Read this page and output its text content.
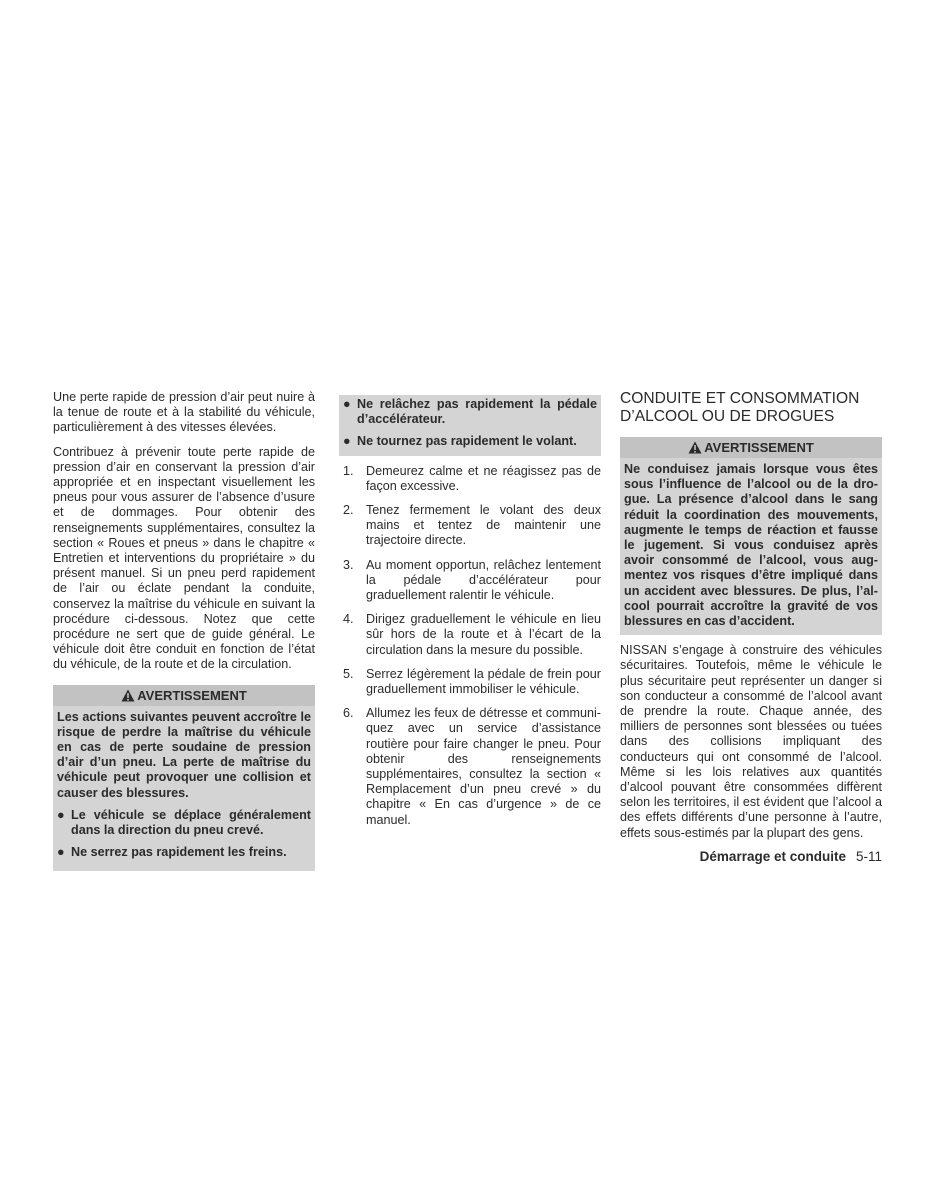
Une perte rapide de pression d’air peut nuire à la tenue de route et à la stabilité du véhicule, particulièrement à des vitesses élevées.

Contribuez à prévenir toute perte rapide de pression d’air en conservant la pression d’air appropriée et en inspectant visuellement les pneus pour vous assurer de l’absence d’usure et de dommages. Pour obtenir des renseignements supplémentaires, consultez la section « Roues et pneus » dans le chapitre « Entretien et interventions du propriétaire » du présent manuel. Si un pneu perd rapidement de l’air ou éclate pendant la conduite, conservez la maîtrise du véhicule en suivant la procédure ci-dessous. Notez que cette procédure ne sert que de guide général. Le véhicule doit être conduit en fonction de l’état du véhicule, de la route et de la circulation.

AVERTISSEMENT

Les actions suivantes peuvent accroître le risque de perdre la maîtrise du véhicule en cas de perte soudaine de pression d’air d’un pneu. La perte de maîtrise du véhicule peut provoquer une collision et causer des blessures.

● Le véhicule se déplace généralement dans la direction du pneu crevé.
● Ne serrez pas rapidement les freins.
● Ne relâchez pas rapidement la pédale d’accélérateur.
● Ne tournez pas rapidement le volant.
1. Demeurez calme et ne réagissez pas de façon excessive.
2. Tenez fermement le volant des deux mains et tentez de maintenir une trajectoire directe.
3. Au moment opportun, relâchez lentement la pédale d’accélérateur pour graduellement ralentir le véhicule.
4. Dirigez graduellement le véhicule en lieu sûr hors de la route et à l’écart de la circulation dans la mesure du possible.
5. Serrez légèrement la pédale de frein pour graduellement immobiliser le véhicule.
6. Allumez les feux de détresse et communiquez avec un service d’assistance routière pour faire changer le pneu. Pour obtenir des renseignements supplémentaires, consultez la section « Remplacement d’un pneu crevé » du chapitre « En cas d’urgence » de ce manuel.
CONDUITE ET CONSOMMATION
D’ALCOOL OU DE DROGUES
AVERTISSEMENT

Ne conduisez jamais lorsque vous êtes sous l’influence de l’alcool ou de la drogue. La présence d’alcool dans le sang réduit la coordination des mouvements, augmente le temps de réaction et fausse le jugement. Si vous conduisez après avoir consommé de l’alcool, vous augmentez vos risques d’être impliqué dans un accident avec blessures. De plus, l’alcool pourrait accroître la gravité de vos blessures en cas d’accident.

NISSAN s’engage à construire des véhicules sécuritaires. Toutefois, même le véhicule le plus sécuritaire peut représenter un danger si son conducteur a consommé de l’alcool avant de prendre la route. Chaque année, des milliers de personnes sont blessées ou tuées dans des collisions impliquant des conducteurs qui ont consommé de l’alcool. Même si les lois relatives aux quantités d’alcool pouvant être consommées diffèrent selon les territoires, il est évident que l’alcool a des effets différents d’une personne à l’autre, effets sous-estimés par la plupart des gens.

Démarrage et conduite 5-11
